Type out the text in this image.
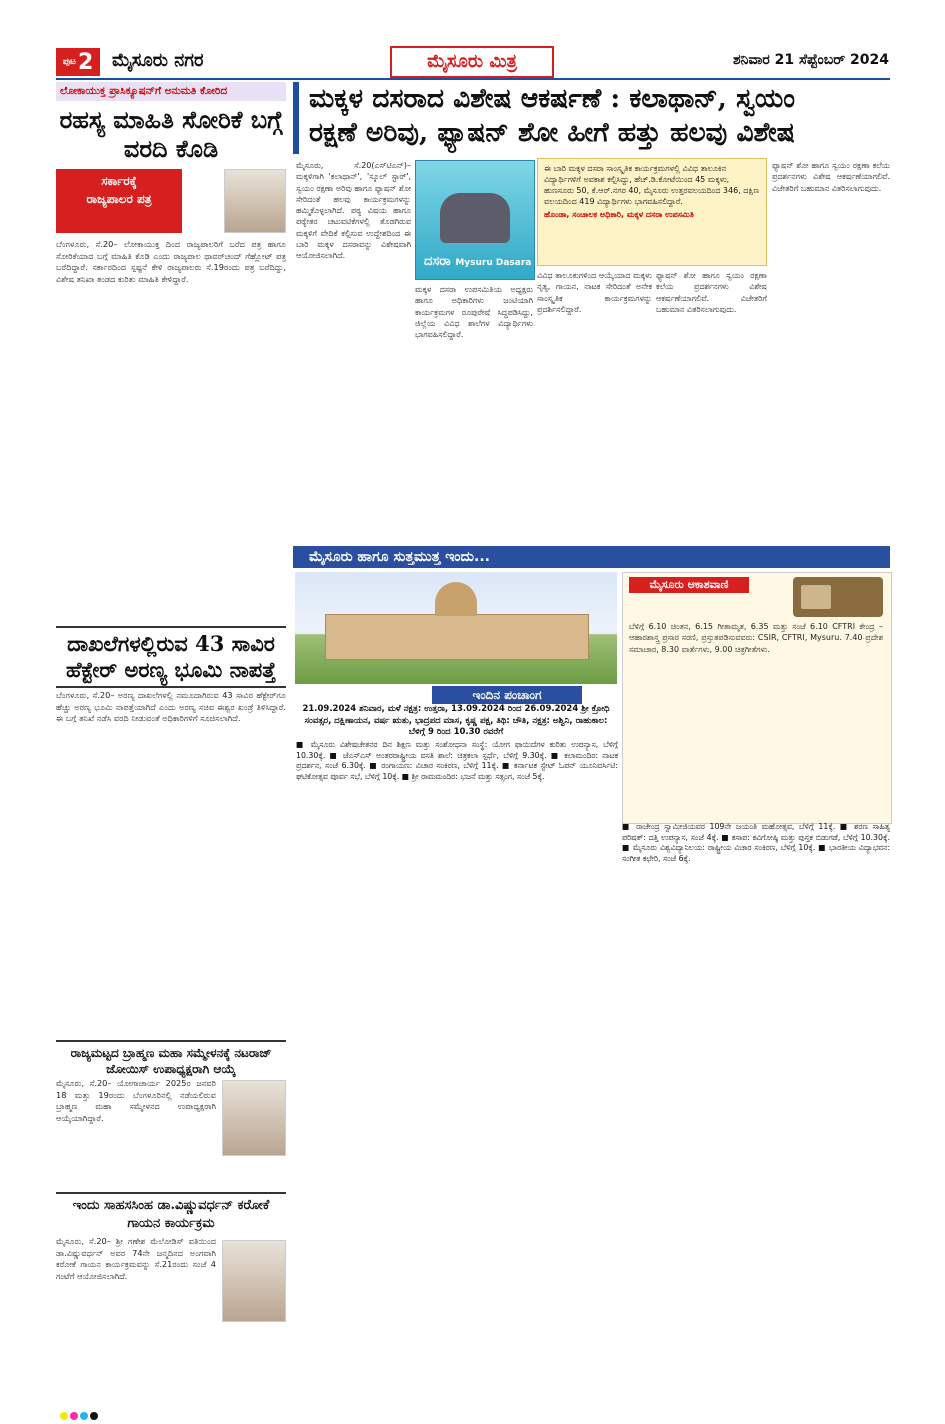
ಪುಟ 2 ಮೈಸೂರು ನಗರ	ಮೈಸೂರು ಮಿತ್ರ	ಶನಿವಾರ 21 ಸೆಪ್ಟೆಂಬರ್ 2024
ಲೋಕಾಯುಕ್ತ ಪ್ರಾಸಿಕ್ಯೂಷನ್‌ಗೆ ಅನುಮತಿ ಕೋರಿದ
ರಹಸ್ಯ ಮಾಹಿತಿ ಸೋರಿಕೆ ಬಗ್ಗೆ ವರದಿ ಕೊಡಿ
ಸರ್ಕಾರಕ್ಕೆ
ರಾಜ್ಯಪಾಲರ ಪತ್ರ
ಬೆಂಗಳೂರು, ಸೆ.20– ಲೋಕಾಯುಕ್ತ ದಿಂದ ರಾಜ್ಯಪಾಲರಿಗೆ ಬರೆದ ಪತ್ರ ಹಾಗೂ ಸೋರಿಕೆಯಾದ ಬಗ್ಗೆ ಮಾಹಿತಿ ಕೊಡಿ ಎಂದು ರಾಜ್ಯಪಾಲ ಥಾವರ್‌ಚಂದ್ ಗೆಹ್ಲೋಟ್ ಪತ್ರ ಬರೆದಿದ್ದಾರೆ. ಸರ್ಕಾರದಿಂದ ಸ್ಪಷ್ಟನೆ ಕೇಳಿ ರಾಜ್ಯಪಾಲರು ಸೆ.19ರಂದು ಪತ್ರ ಬರೆದಿದ್ದು, ವಿಶೇಷ ತನಿಖಾ ತಂಡದ ಕುರಿತು ಮಾಹಿತಿ ಕೇಳಿದ್ದಾರೆ.
ದಾಖಲೆಗಳಲ್ಲಿರುವ 43 ಸಾವಿರ ಹೆಕ್ಟೇರ್ ಅರಣ್ಯ ಭೂಮಿ ನಾಪತ್ತೆ
ಬೆಂಗಳೂರು, ಸೆ.20– ಅರಣ್ಯ ದಾಖಲೆಗಳಲ್ಲಿ ನಮೂದಾಗಿರುವ 43 ಸಾವಿರ ಹೆಕ್ಟೇರ್‌ಗೂ ಹೆಚ್ಚು ಅರಣ್ಯ ಭೂಮಿ ನಾಪತ್ತೆಯಾಗಿದೆ ಎಂದು ಅರಣ್ಯ ಸಚಿವ ಈಶ್ವರ ಖಂಡ್ರೆ ತಿಳಿಸಿದ್ದಾರೆ. ಈ ಬಗ್ಗೆ ತನಿಖೆ ನಡೆಸಿ ವರದಿ ನೀಡುವಂತೆ ಅಧಿಕಾರಿಗಳಿಗೆ ಸೂಚಿಸಲಾಗಿದೆ.
ರಾಜ್ಯಮಟ್ಟದ ಬ್ರಾಹ್ಮಣ ಮಹಾ ಸಮ್ಮೇಳನಕ್ಕೆ ನಟರಾಜ್ ಜೋಯಿಸ್ ಉಪಾಧ್ಯಕ್ಷರಾಗಿ ಆಯ್ಕೆ
ಮೈಸೂರು, ಸೆ.20– ಯೋಗಾಚಾರ್ಯ 2025ರ ಜನವರಿ 18 ಮತ್ತು 19ರಂದು ಬೆಂಗಳೂರಿನಲ್ಲಿ ನಡೆಯಲಿರುವ ಬ್ರಾಹ್ಮಣ ಮಹಾ ಸಮ್ಮೇಳನದ ಉಪಾಧ್ಯಕ್ಷರಾಗಿ ಆಯ್ಕೆಯಾಗಿದ್ದಾರೆ.
ಇಂದು ಸಾಹಸಸಿಂಹ ಡಾ.ವಿಷ್ಣುವರ್ಧನ್ ಕರೋಕೆ ಗಾಯನ ಕಾರ್ಯಕ್ರಮ
ಮೈಸೂರು, ಸೆ.20– ಶ್ರೀ ಗಣೇಶ ಮೆಲೋಡಿಸ್ ವತಿಯಿಂದ ಡಾ.ವಿಷ್ಣುವರ್ಧನ್ ಅವರ 74ನೇ ಜನ್ಮದಿನದ ಅಂಗವಾಗಿ ಕರೋಕೆ ಗಾಯನ ಕಾರ್ಯಕ್ರಮವನ್ನು ಸೆ.21ರಂದು ಸಂಜೆ 4 ಗಂಟೆಗೆ ಆಯೋಜಿಸಲಾಗಿದೆ.
ಮಕ್ಕಳ ದಸರಾದ ವಿಶೇಷ ಆಕರ್ಷಣೆ : ಕಲಾಥಾನ್, ಸ್ವಯಂ
ರಕ್ಷಣೆ ಅರಿವು, ಫ್ಯಾಷನ್ ಶೋ ಹೀಗೆ ಹತ್ತು ಹಲವು ವಿಶೇಷ
ದಸರಾ Mysuru Dasara
ಈ ಬಾರಿ ಮಕ್ಕಳ ದಸರಾ ಸಾಂಸ್ಕೃತಿಕ ಕಾರ್ಯಕ್ರಮಗಳಲ್ಲಿ ವಿವಿಧ ತಾಲೂಕಿನ ವಿದ್ಯಾರ್ಥಿಗಳಿಗೆ ಅವಕಾಶ ಕಲ್ಪಿಸಿದ್ದು, ಹೆಚ್.ಡಿ.ಕೋಟೆಯಿಂದ 45 ಮಕ್ಕಳು, ಹುಣಸೂರು 50, ಕೆ.ಆರ್.ನಗರ 40, ಮೈಸೂರು ಉತ್ತರವಲಯದಿಂದ 346, ದಕ್ಷಿಣ ವಲಯದಿಂದ 419 ವಿದ್ಯಾರ್ಥಿಗಳು ಭಾಗವಹಿಸಲಿದ್ದಾರೆ.
ಹೊಂಡಾ, ಸಂಚಾಲಕ ಅಧಿಕಾರಿ, ಮಕ್ಕಳ ದಸರಾ ಉಪಸಮಿತಿ
ಮೈಸೂರು, ಸೆ.20(ಎಸ್‌ಟಿಎನ್)– ಮಕ್ಕಳಿಗಾಗಿ 'ಕಲಾಥಾನ್', 'ಸ್ಕೂಲ್ ಸ್ಟಾರ್', ಸ್ವಯಂ ರಕ್ಷಣಾ ಅರಿವು ಹಾಗೂ ಫ್ಯಾಷನ್ ಶೋ ಸೇರಿದಂತೆ ಹಲವು ಕಾರ್ಯಕ್ರಮಗಳನ್ನು ಹಮ್ಮಿಕೊಳ್ಳಲಾಗಿದೆ. ಪಠ್ಯ ವಿಷಯ ಹಾಗೂ ಪಠ್ಯೇತರ ಚಟುವಟಿಕೆಗಳಲ್ಲಿ ತೊಡಗಿರುವ ಮಕ್ಕಳಿಗೆ ವೇದಿಕೆ ಕಲ್ಪಿಸುವ ಉದ್ದೇಶದಿಂದ ಈ ಬಾರಿ ಮಕ್ಕಳ ದಸರಾವನ್ನು ವಿಶೇಷವಾಗಿ ಆಯೋಜಿಸಲಾಗಿದೆ.
ಮಕ್ಕಳ ದಸರಾ ಉಪಸಮಿತಿಯ ಅಧ್ಯಕ್ಷರು ಹಾಗೂ ಅಧಿಕಾರಿಗಳು ಜಂಟಿಯಾಗಿ ಕಾರ್ಯಕ್ರಮಗಳ ರೂಪುರೇಷೆ ಸಿದ್ಧಪಡಿಸಿದ್ದು, ಜಿಲ್ಲೆಯ ವಿವಿಧ ಶಾಲೆಗಳ ವಿದ್ಯಾರ್ಥಿಗಳು ಭಾಗವಹಿಸಲಿದ್ದಾರೆ.
ವಿವಿಧ ತಾಲೂಕುಗಳಿಂದ ಆಯ್ಕೆಯಾದ ಮಕ್ಕಳು ನೃತ್ಯ, ಗಾಯನ, ನಾಟಕ ಸೇರಿದಂತೆ ಅನೇಕ ಸಾಂಸ್ಕೃತಿಕ ಕಾರ್ಯಕ್ರಮಗಳನ್ನು ಪ್ರದರ್ಶಿಸಲಿದ್ದಾರೆ.
ಫ್ಯಾಷನ್ ಶೋ ಹಾಗೂ ಸ್ವಯಂ ರಕ್ಷಣಾ ಕಲೆಯ ಪ್ರದರ್ಶನಗಳು ವಿಶೇಷ ಆಕರ್ಷಣೆಯಾಗಲಿವೆ. ವಿಜೇತರಿಗೆ ಬಹುಮಾನ ವಿತರಿಸಲಾಗುವುದು.
ಫ್ಯಾಷನ್ ಶೋ ಹಾಗೂ ಸ್ವಯಂ ರಕ್ಷಣಾ ಕಲೆಯ ಪ್ರದರ್ಶನಗಳು ವಿಶೇಷ ಆಕರ್ಷಣೆಯಾಗಲಿವೆ. ವಿಜೇತರಿಗೆ ಬಹುಮಾನ ವಿತರಿಸಲಾಗುವುದು.
ಮೈಸೂರು ಹಾಗೂ ಸುತ್ತಮುತ್ತ ಇಂದು...
ಇಂದಿನ ಪಂಚಾಂಗ
21.09.2024 ಶನಿವಾರ, ಮಳೆ ನಕ್ಷತ್ರ: ಉತ್ತರಾ, 13.09.2024 ರಿಂದ 26.09.2024 ಶ್ರೀ ಕ್ರೋಧಿ ಸಂವತ್ಸರ, ದಕ್ಷಿಣಾಯನ, ವರ್ಷ ಋತು, ಭಾದ್ರಪದ ಮಾಸ, ಕೃಷ್ಣ ಪಕ್ಷ, ತಿಥಿ: ಚೌತಿ, ನಕ್ಷತ್ರ: ಅಶ್ವಿನಿ, ರಾಹುಕಾಲ: ಬೆಳಿಗ್ಗೆ 9 ರಿಂದ 10.30 ರವರೆಗೆ
ಮೈಸೂರು ಆಕಾಶವಾಣಿ
ಬೆಳಿಗ್ಗೆ 6.10 ಚಿಂತನ, 6.15 ಗೀತಾಮೃತ, 6.35 ಮತ್ತು ಸಂಜೆ 6.10 CFTRI ಕೇಂದ್ರ – ಆಹಾರಶಾಸ್ತ್ರ ಪ್ರಸಾರ ಸರಣಿ, ಪ್ರಸ್ತುತಪಡಿಸುವವರು: CSIR, CFTRI, Mysuru. 7.40 ಪ್ರದೇಶ ಸಮಾಚಾರ, 8.30 ವಾರ್ತೆಗಳು, 9.00 ಚಿತ್ರಗೀತೆಗಳು.
■ ಮೈಸೂರು ವಿಶೇಷಚೇತನರ ದಿನ ಶಿಕ್ಷಣ ಮತ್ತು ಸಂಶೋಧನಾ ಸಂಸ್ಥೆ: ಯೋಗ ಫಾಯಿದೆಗಳ ಕುರಿತು ಉಪನ್ಯಾಸ, ಬೆಳಿಗ್ಗೆ 10.30ಕ್ಕೆ. ■ ಜೆಎಸ್‌ಎಸ್ ಅಂತರರಾಷ್ಟ್ರೀಯ ವಸತಿ ಶಾಲೆ: ಚಿತ್ರಕಲಾ ಸ್ಪರ್ಧೆ, ಬೆಳಿಗ್ಗೆ 9.30ಕ್ಕೆ. ■ ಕಲಾಮಂದಿರ: ನಾಟಕ ಪ್ರದರ್ಶನ, ಸಂಜೆ 6.30ಕ್ಕೆ. ■ ರಂಗಾಯಣ: ವಿಚಾರ ಸಂಕಿರಣ, ಬೆಳಿಗ್ಗೆ 11ಕ್ಕೆ. ■ ಕರ್ನಾಟಕ ಸ್ಟೇಟ್ ಓಪನ್ ಯೂನಿವರ್ಸಿಟಿ: ಘಟಿಕೋತ್ಸವ ಪೂರ್ವ ಸಭೆ, ಬೆಳಿಗ್ಗೆ 10ಕ್ಕೆ. ■ ಶ್ರೀ ರಾಮಮಂದಿರ: ಭಜನೆ ಮತ್ತು ಸತ್ಸಂಗ, ಸಂಜೆ 5ಕ್ಕೆ.
■ ರಾಜೇಂದ್ರ ಸ್ವಾಮೀಜಿಯವರ 109ನೇ ಜಯಂತಿ ಮಹೋತ್ಸವ, ಬೆಳಿಗ್ಗೆ 11ಕ್ಕೆ. ■ ಶರಣ ಸಾಹಿತ್ಯ ಪರಿಷತ್: ದತ್ತಿ ಉಪನ್ಯಾಸ, ಸಂಜೆ 4ಕ್ಕೆ. ■ ಕಸಾಪ: ಕವಿಗೋಷ್ಠಿ ಮತ್ತು ಪುಸ್ತಕ ಬಿಡುಗಡೆ, ಬೆಳಿಗ್ಗೆ 10.30ಕ್ಕೆ. ■ ಮೈಸೂರು ವಿಶ್ವವಿದ್ಯಾನಿಲಯ: ರಾಷ್ಟ್ರೀಯ ವಿಚಾರ ಸಂಕಿರಣ, ಬೆಳಿಗ್ಗೆ 10ಕ್ಕೆ. ■ ಭಾರತೀಯ ವಿದ್ಯಾಭವನ: ಸಂಗೀತ ಕಛೇರಿ, ಸಂಜೆ 6ಕ್ಕೆ.
